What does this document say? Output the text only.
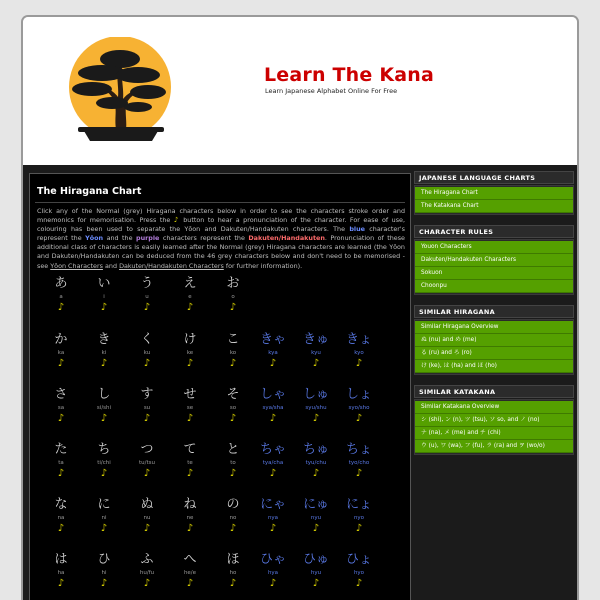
Learn The Kana
Learn Japanese Alphabet Online For Free
The Hiragana Chart
Click any of the Normal (grey) Hiragana characters below in order to see the characters stroke order and mnemonics for memorisation. Press the ♪ button to hear a pronunciation of the character. For ease of use, colouring has been used to separate the Yōon and Dakuten/Handakuten characters. The blue character's represent the Yōon and the purple characters represent the Dakuten/Handakuten. Pronunciation of these additional class of characters is easily learned after the Normal (grey) Hiragana characters are learned (the Yōon and Dakuten/Handakuten can be deduced from the 46 grey characters below and don't need to be memorised - see Yōon Characters and Dakuten/Handakuten Characters for further information).
あ
a
♪
い
i
♪
う
u
♪
え
e
♪
お
o
♪
か
ka
♪
き
ki
♪
く
ku
♪
け
ke
♪
こ
ko
♪
きゃ
kya
♪
きゅ
kyu
♪
きょ
kyo
♪
さ
sa
♪
し
si/shi
♪
す
su
♪
せ
se
♪
そ
so
♪
しゃ
sya/sha
♪
しゅ
syu/shu
♪
しょ
syo/sho
♪
た
ta
♪
ち
ti/chi
♪
つ
tu/tsu
♪
て
te
♪
と
to
♪
ちゃ
tya/cha
♪
ちゅ
tyu/chu
♪
ちょ
tyo/cho
♪
な
na
♪
に
ni
♪
ぬ
nu
♪
ね
ne
♪
の
no
♪
にゃ
nya
♪
にゅ
nyu
♪
にょ
nyo
♪
は
ha
♪
ひ
hi
♪
ふ
hu/fu
♪
へ
he/e
♪
ほ
ho
♪
ひゃ
hya
♪
ひゅ
hyu
♪
ひょ
hyo
♪
JAPANESE LANGUAGE CHARTS
The Hiragana Chart
The Katakana Chart
CHARACTER RULES
Youon Characters
Dakuten/Handakuten Characters
Sokuon
Choonpu
SIMILAR HIRAGANA
Similar Hiragana Overview
ぬ (nu) and め (me)
る (ru) and ろ (ro)
け (ke), は (ha) and ほ (ho)
SIMILAR KATAKANA
Similar Katakana Overview
シ (shi), ン (n), ツ (tsu), ソ so, and ノ (no)
ナ (na), メ (me) and チ (chi)
ウ (u), ワ (wa), フ (fu), ラ (ra) and ヲ (wo/o)
